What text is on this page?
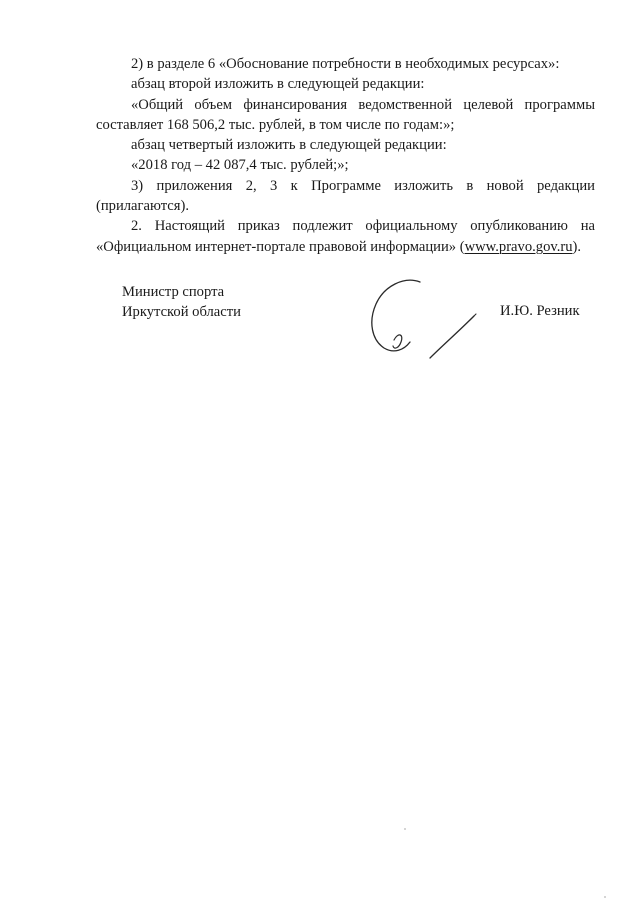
2) в разделе 6 «Обоснование потребности в необходимых ресурсах»:

абзац второй изложить в следующей редакции:

«Общий объем финансирования ведомственной целевой программы
составляет 168 506,2 тыс. рублей, в том числе по годам:»;

абзац четвертый изложить в следующей редакции:

«2018 год – 42 087,4 тыс. рублей;»;

3) приложения 2, 3 к Программе изложить в новой редакции
(прилагаются).

2. Настоящий приказ подлежит официальному опубликованию на
«Официальном интернет-портале правовой информации» (www.pravo.gov.ru).

Министр спорта
Иркутской области	И.Ю. Резник
